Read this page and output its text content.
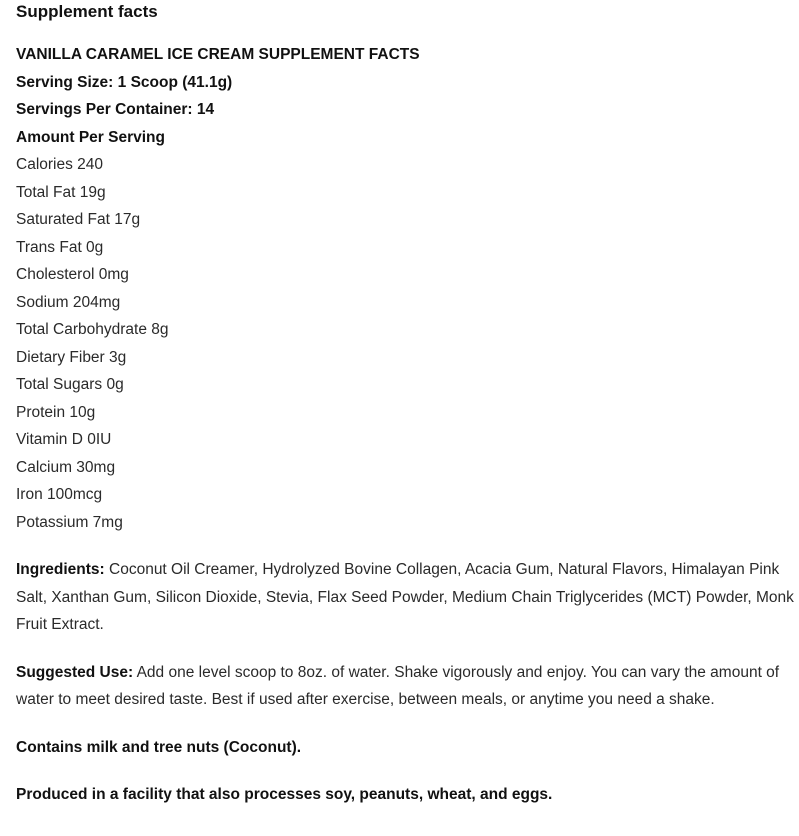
Supplement facts
VANILLA CARAMEL ICE CREAM SUPPLEMENT FACTS
Serving Size: 1 Scoop (41.1g)
Servings Per Container: 14
Amount Per Serving
Calories 240
Total Fat 19g
Saturated Fat 17g
Trans Fat 0g
Cholesterol 0mg
Sodium 204mg
Total Carbohydrate 8g
Dietary Fiber 3g
Total Sugars 0g
Protein 10g
Vitamin D 0IU
Calcium 30mg
Iron 100mcg
Potassium 7mg

Ingredients: Coconut Oil Creamer, Hydrolyzed Bovine Collagen, Acacia Gum, Natural Flavors, Himalayan Pink Salt, Xanthan Gum, Silicon Dioxide, Stevia, Flax Seed Powder, Medium Chain Triglycerides (MCT) Powder, Monk Fruit Extract.

Suggested Use: Add one level scoop to 8oz. of water. Shake vigorously and enjoy. You can vary the amount of water to meet desired taste. Best if used after exercise, between meals, or anytime you need a shake.

Contains milk and tree nuts (Coconut).

Produced in a facility that also processes soy, peanuts, wheat, and eggs.
